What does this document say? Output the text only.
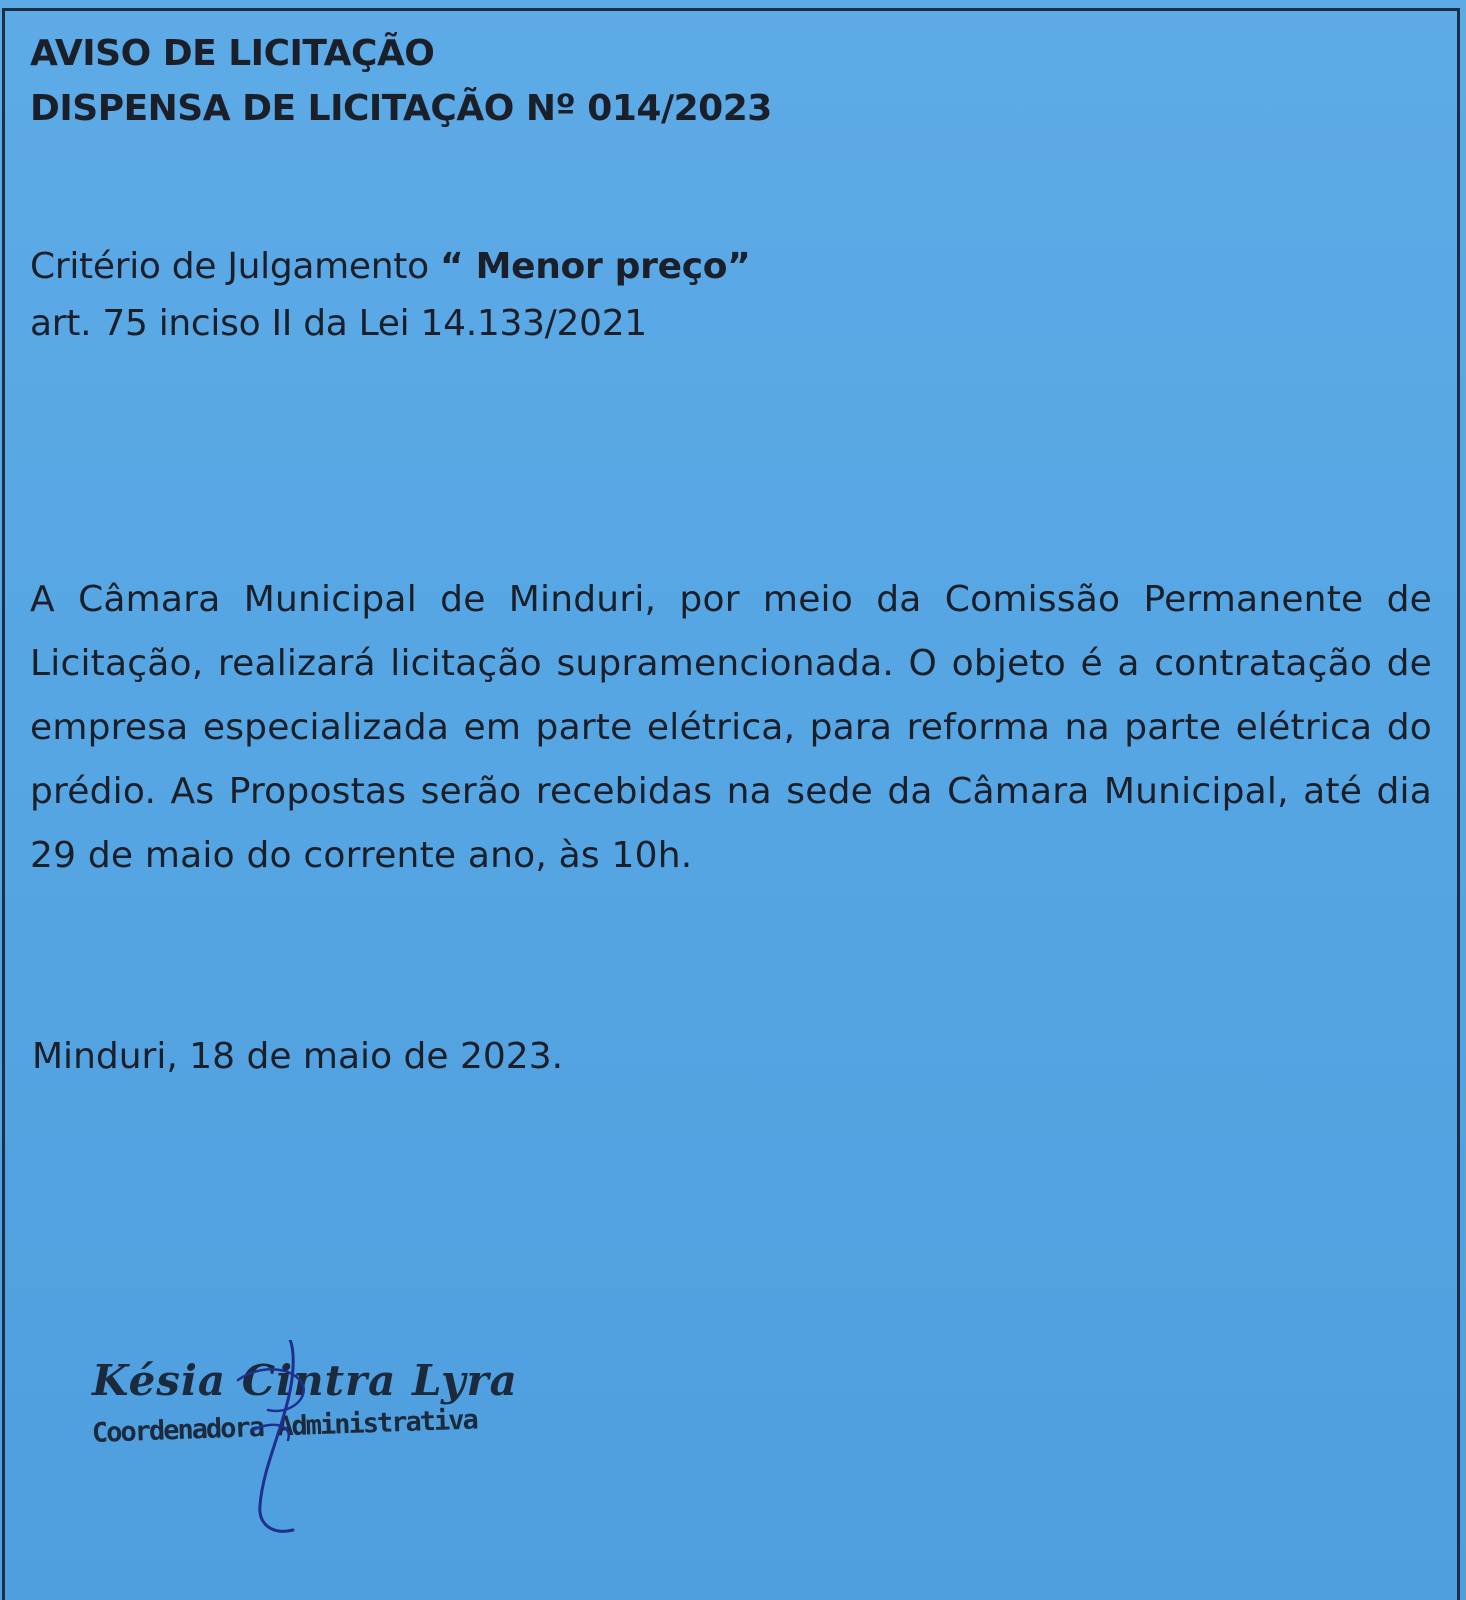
AVISO DE LICITAÇÃO
DISPENSA DE LICITAÇÃO Nº 014/2023
Critério de Julgamento “ Menor preço”
art. 75 inciso II da Lei 14.133/2021
A Câmara Municipal de Minduri, por meio da Comissão Permanente de Licitação, realizará licitação supramencionada. O objeto é a contratação de empresa especializada em parte elétrica, para reforma na parte elétrica do prédio. As Propostas serão recebidas na sede da Câmara Municipal, até dia 29 de maio do corrente ano, às 10h.
Minduri, 18 de maio de 2023.
Késia Cintra Lyra
Coordenadora Administrativa
